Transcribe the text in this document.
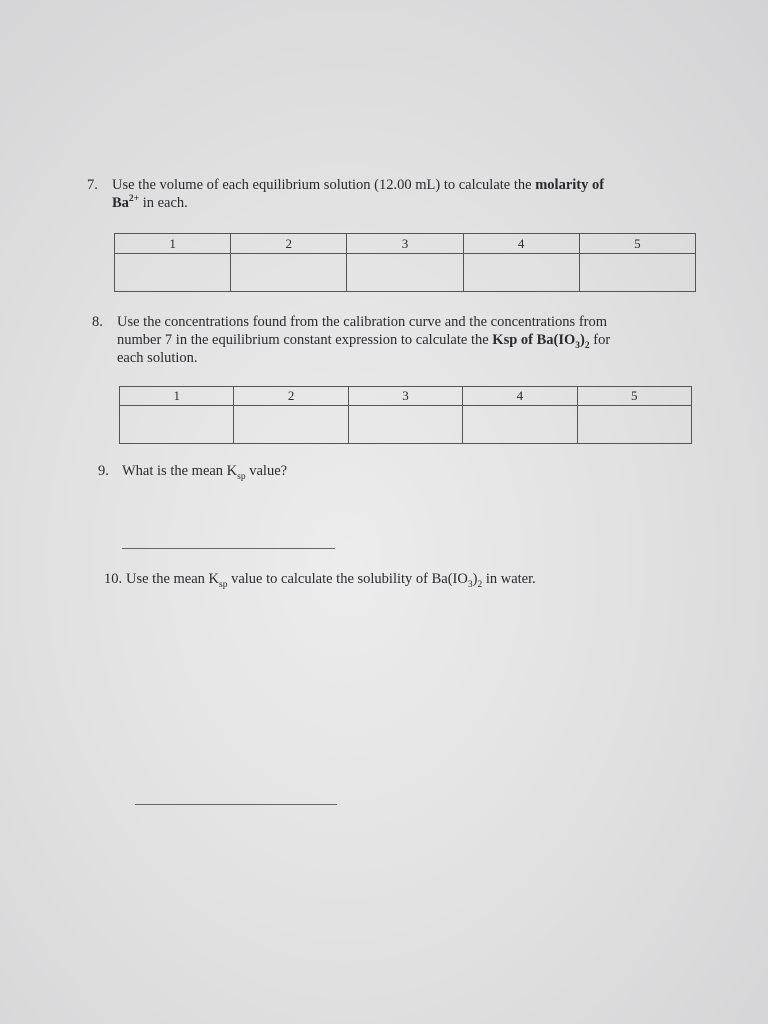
7. Use the volume of each equilibrium solution (12.00 mL) to calculate the molarity of
$Ba^{2+}$ in each.
1	2	3	4	5

8. Use the concentrations found from the calibration curve and the concentrations from
number 7 in the equilibrium constant expression to calculate the Ksp of $Ba(IO_3)_2$ for
each solution.
1	2	3	4	5

9. What is the mean $K_{sp}$ value?
10. Use the mean $K_{sp}$ value to calculate the solubility of $Ba(IO_3)_2$ in water.
